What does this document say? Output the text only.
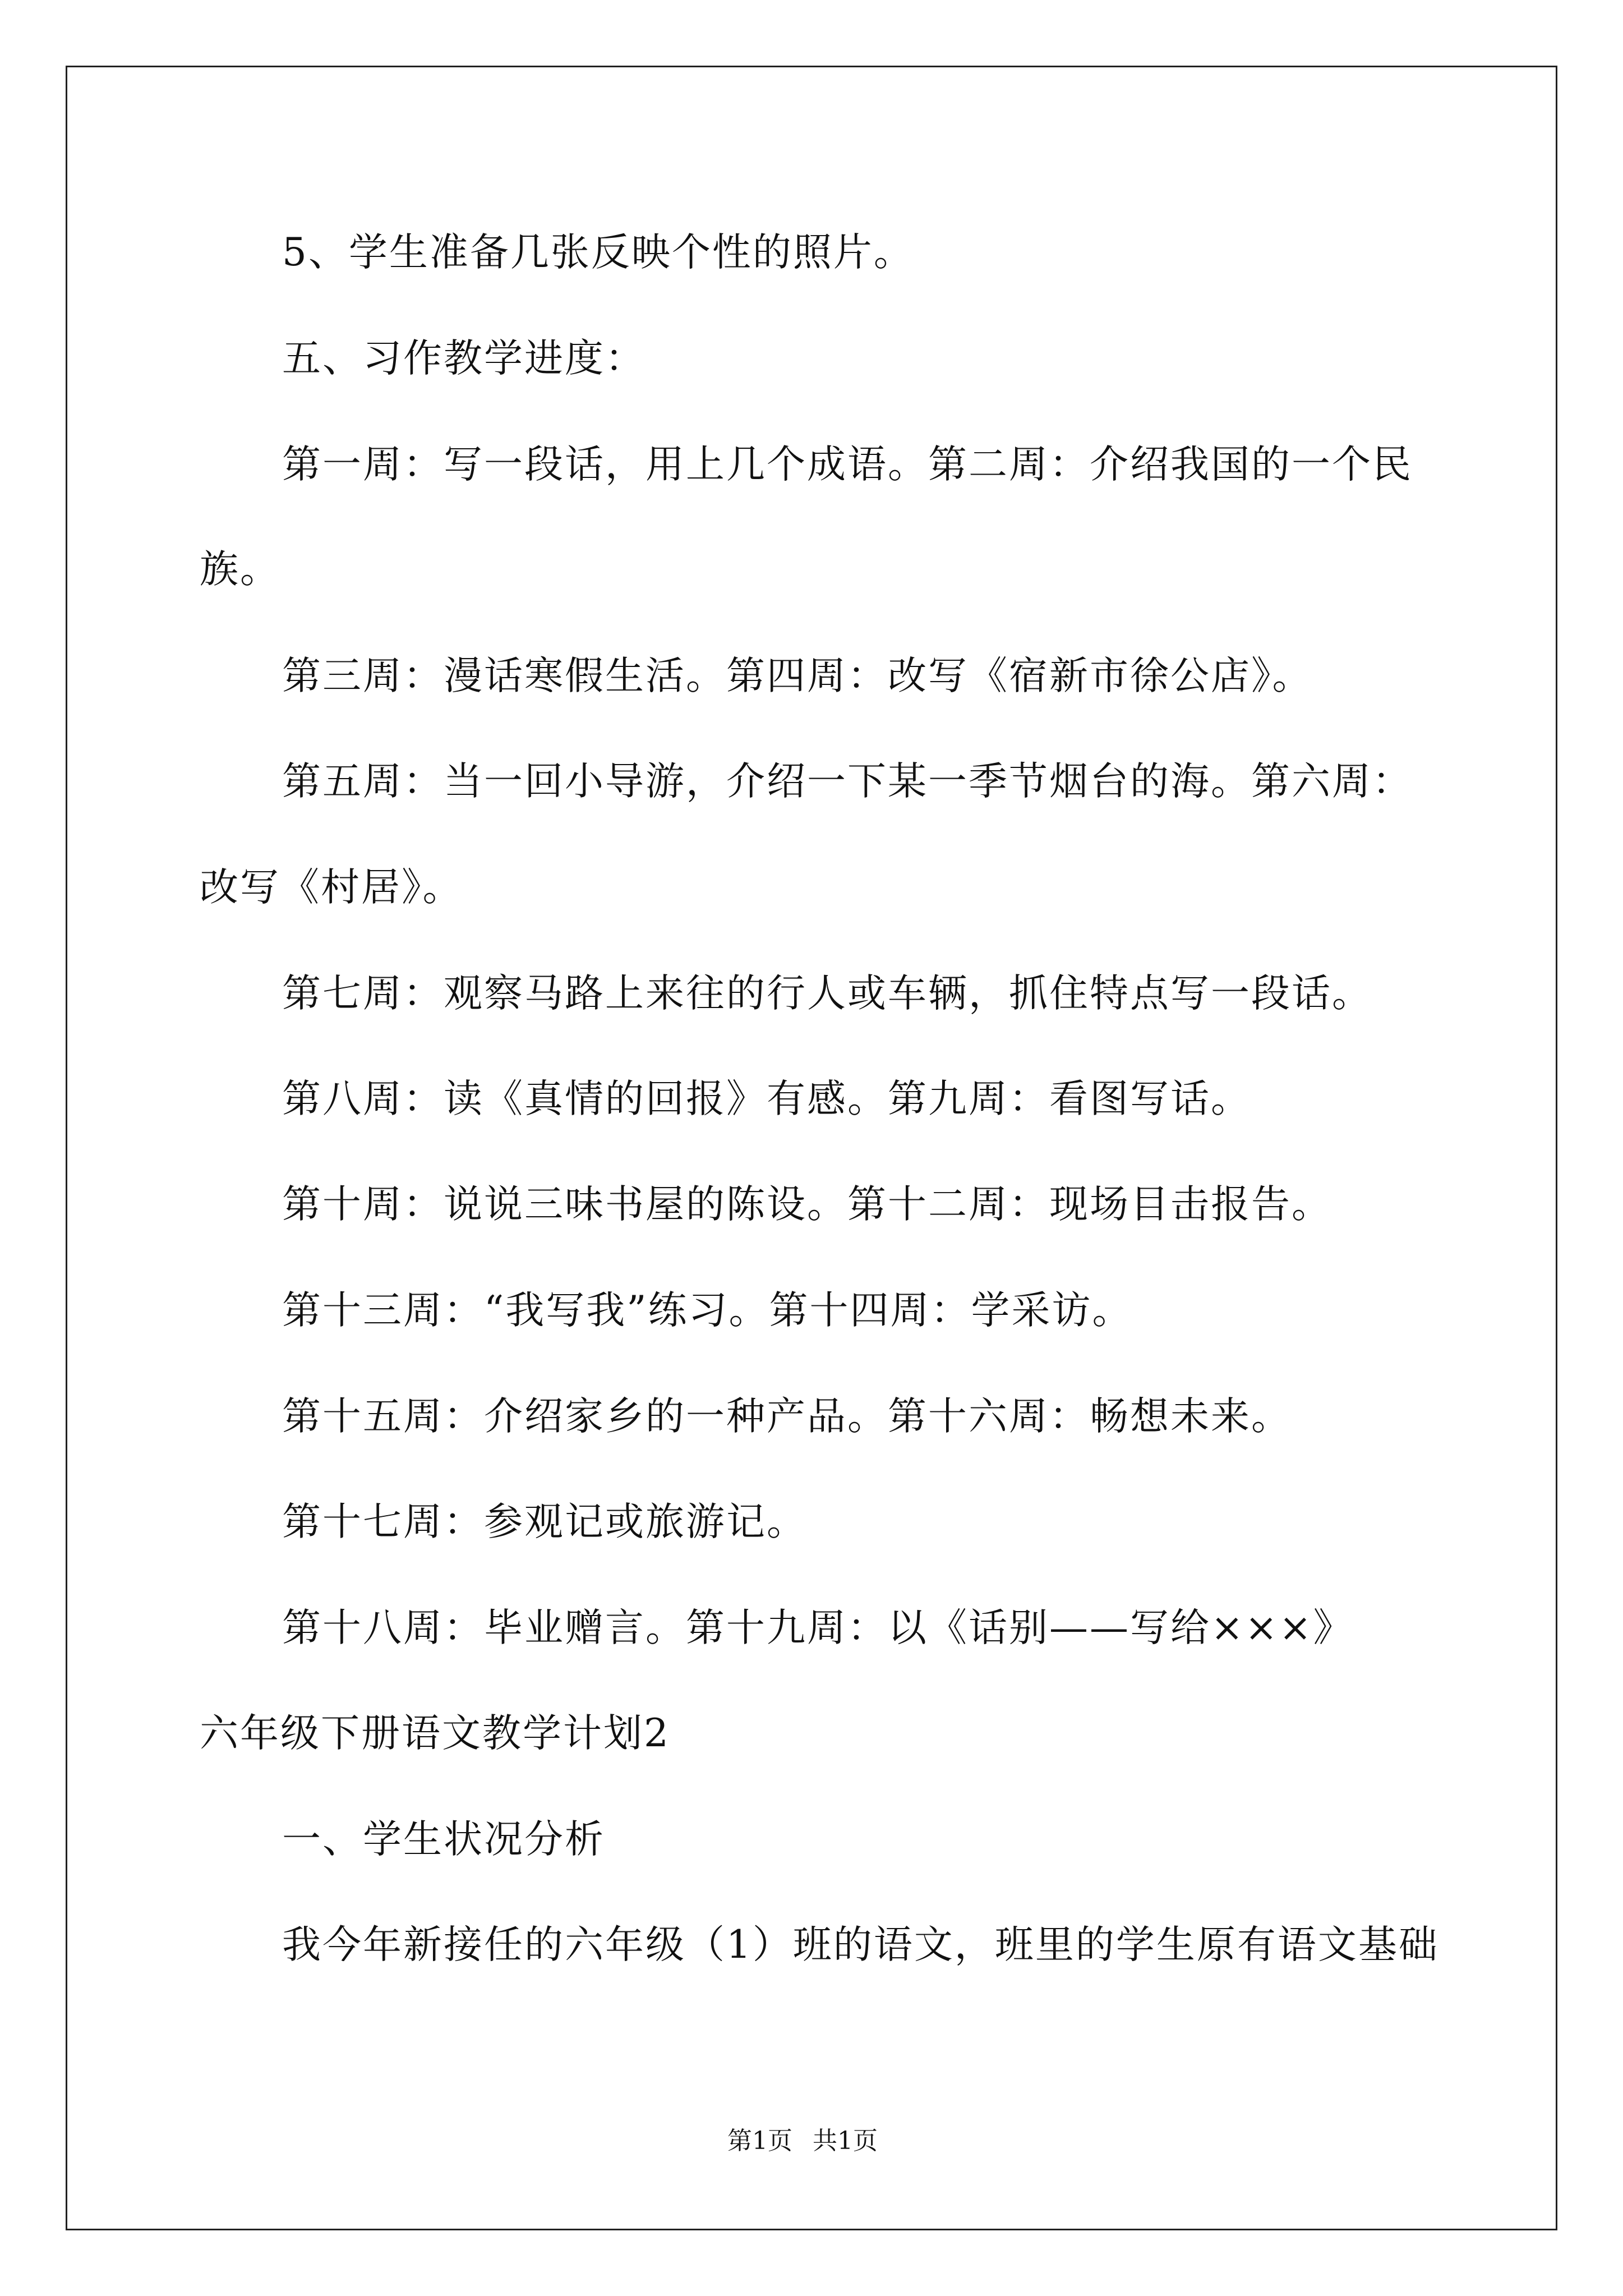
5、学生准备几张反映个性的照片。
五、习作教学进度：
第一周：写一段话，用上几个成语。第二周：介绍我国的一个民
族。
第三周：漫话寒假生活。第四周：改写《宿新市徐公店》。
第五周：当一回小导游，介绍一下某一季节烟台的海。第六周：
改写《村居》。
第七周：观察马路上来往的行人或车辆，抓住特点写一段话。
第八周：读《真情的回报》有感。第九周：看图写话。
第十周：说说三味书屋的陈设。第十二周：现场目击报告。
第十三周：“我写我”练习。第十四周：学采访。
第十五周：介绍家乡的一种产品。第十六周：畅想未来。
第十七周：参观记或旅游记。
第十八周：毕业赠言。第十九周：以《话别——写给×××》
六年级下册语文教学计划2
一、学生状况分析
我今年新接任的六年级（1）班的语文，班里的学生原有语文基础
第1页 共1页
